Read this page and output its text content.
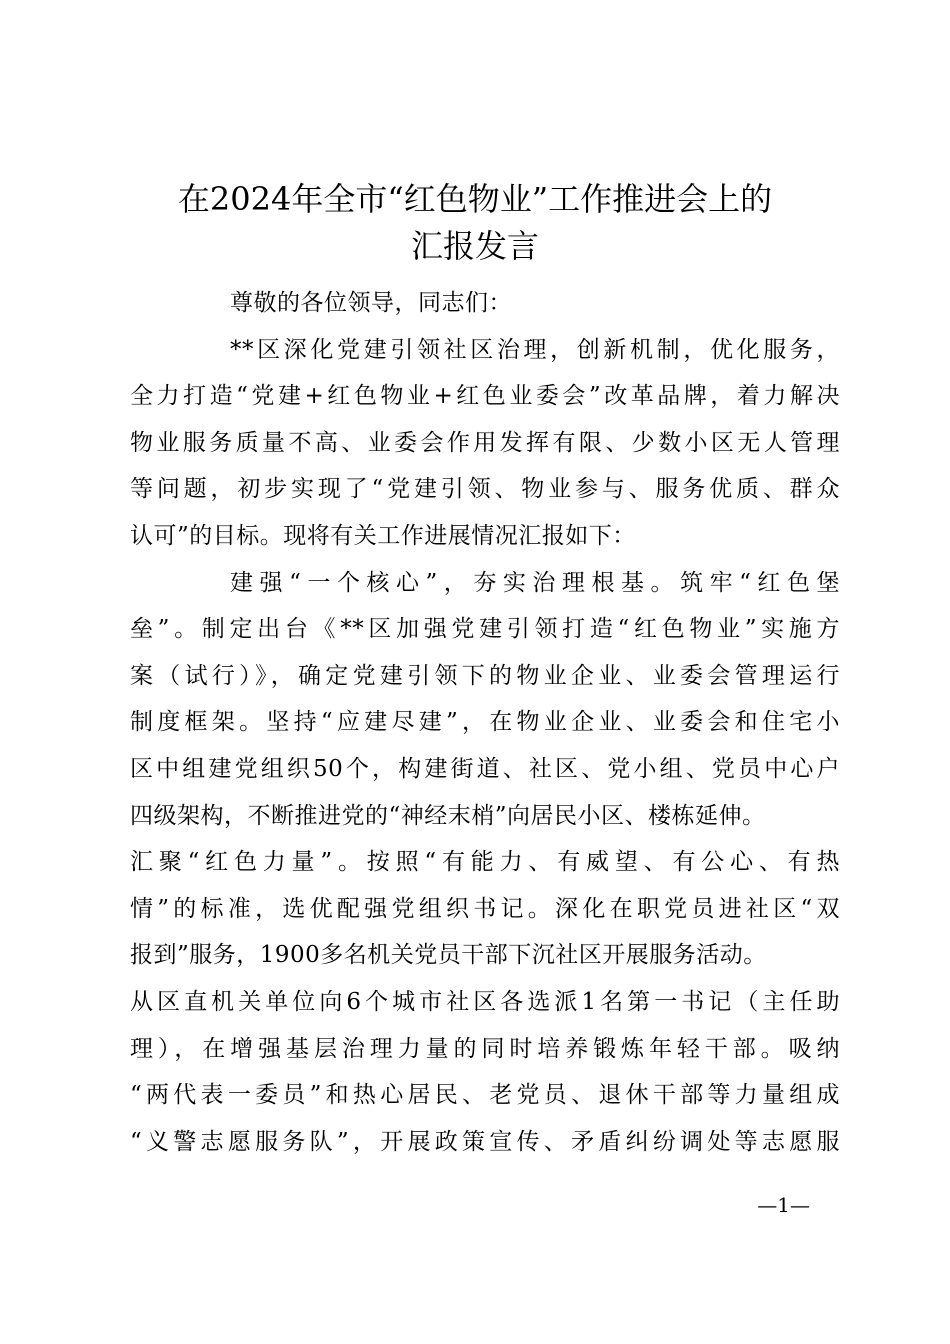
在2024年全市“红色物业”工作推进会上的
汇报发言
尊敬的各位领导，同志们：
**区深化党建引领社区治理，创新机制，优化服务，
全力打造“党建+红色物业+红色业委会”改革品牌，着力解决
物业服务质量不高、业委会作用发挥有限、少数小区无人管理
等问题，初步实现了“党建引领、物业参与、服务优质、群众
认可”的目标。现将有关工作进展情况汇报如下：
建强“一个核心”，夯实治理根基。筑牢“红色堡
垒”。制定出台《**区加强党建引领打造“红色物业”实施方
案（试行）》，确定党建引领下的物业企业、业委会管理运行
制度框架。坚持“应建尽建”，在物业企业、业委会和住宅小
区中组建党组织50个，构建街道、社区、党小组、党员中心户
四级架构，不断推进党的“神经末梢”向居民小区、楼栋延伸。
汇聚“红色力量”。按照“有能力、有威望、有公心、有热
情”的标准，选优配强党组织书记。深化在职党员进社区“双
报到”服务，1900多名机关党员干部下沉社区开展服务活动。
从区直机关单位向6个城市社区各选派1名第一书记（主任助
理），在增强基层治理力量的同时培养锻炼年轻干部。吸纳
“两代表一委员”和热心居民、老党员、退休干部等力量组成
“义警志愿服务队”，开展政策宣传、矛盾纠纷调处等志愿服
—1—
